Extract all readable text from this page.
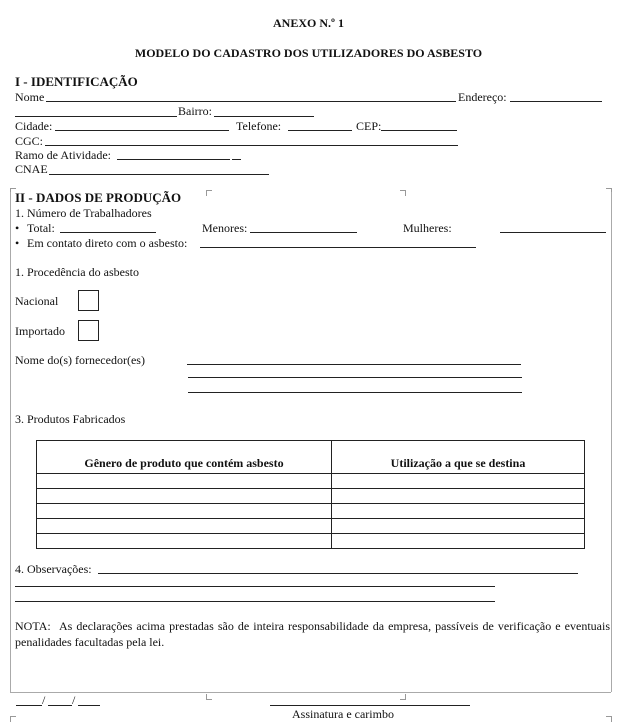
ANEXO N.º 1
MODELO DO CADASTRO DOS UTILIZADORES DO ASBESTO
I - IDENTIFICAÇÃO
Nome	Endereço:
Bairro:
Cidade:	Telefone:	CEP:
CGC:
Ramo de Atividade:
CNAE
II - DADOS DE PRODUÇÃO
1. Número de Trabalhadores
• Total:	Menores:	Mulheres:
• Em contato direto com o asbesto:
1. Procedência do asbesto
Nacional
Importado
Nome do(s) fornecedor(es)
3. Produtos Fabricados
Gênero de produto que contém asbesto	Utilização a que se destina

4. Observações:
NOTA: As declarações acima prestadas são de inteira responsabilidade da empresa, passíveis de verificação e eventuais penalidades facultadas pela lei.
/ /
Assinatura e carimbo
